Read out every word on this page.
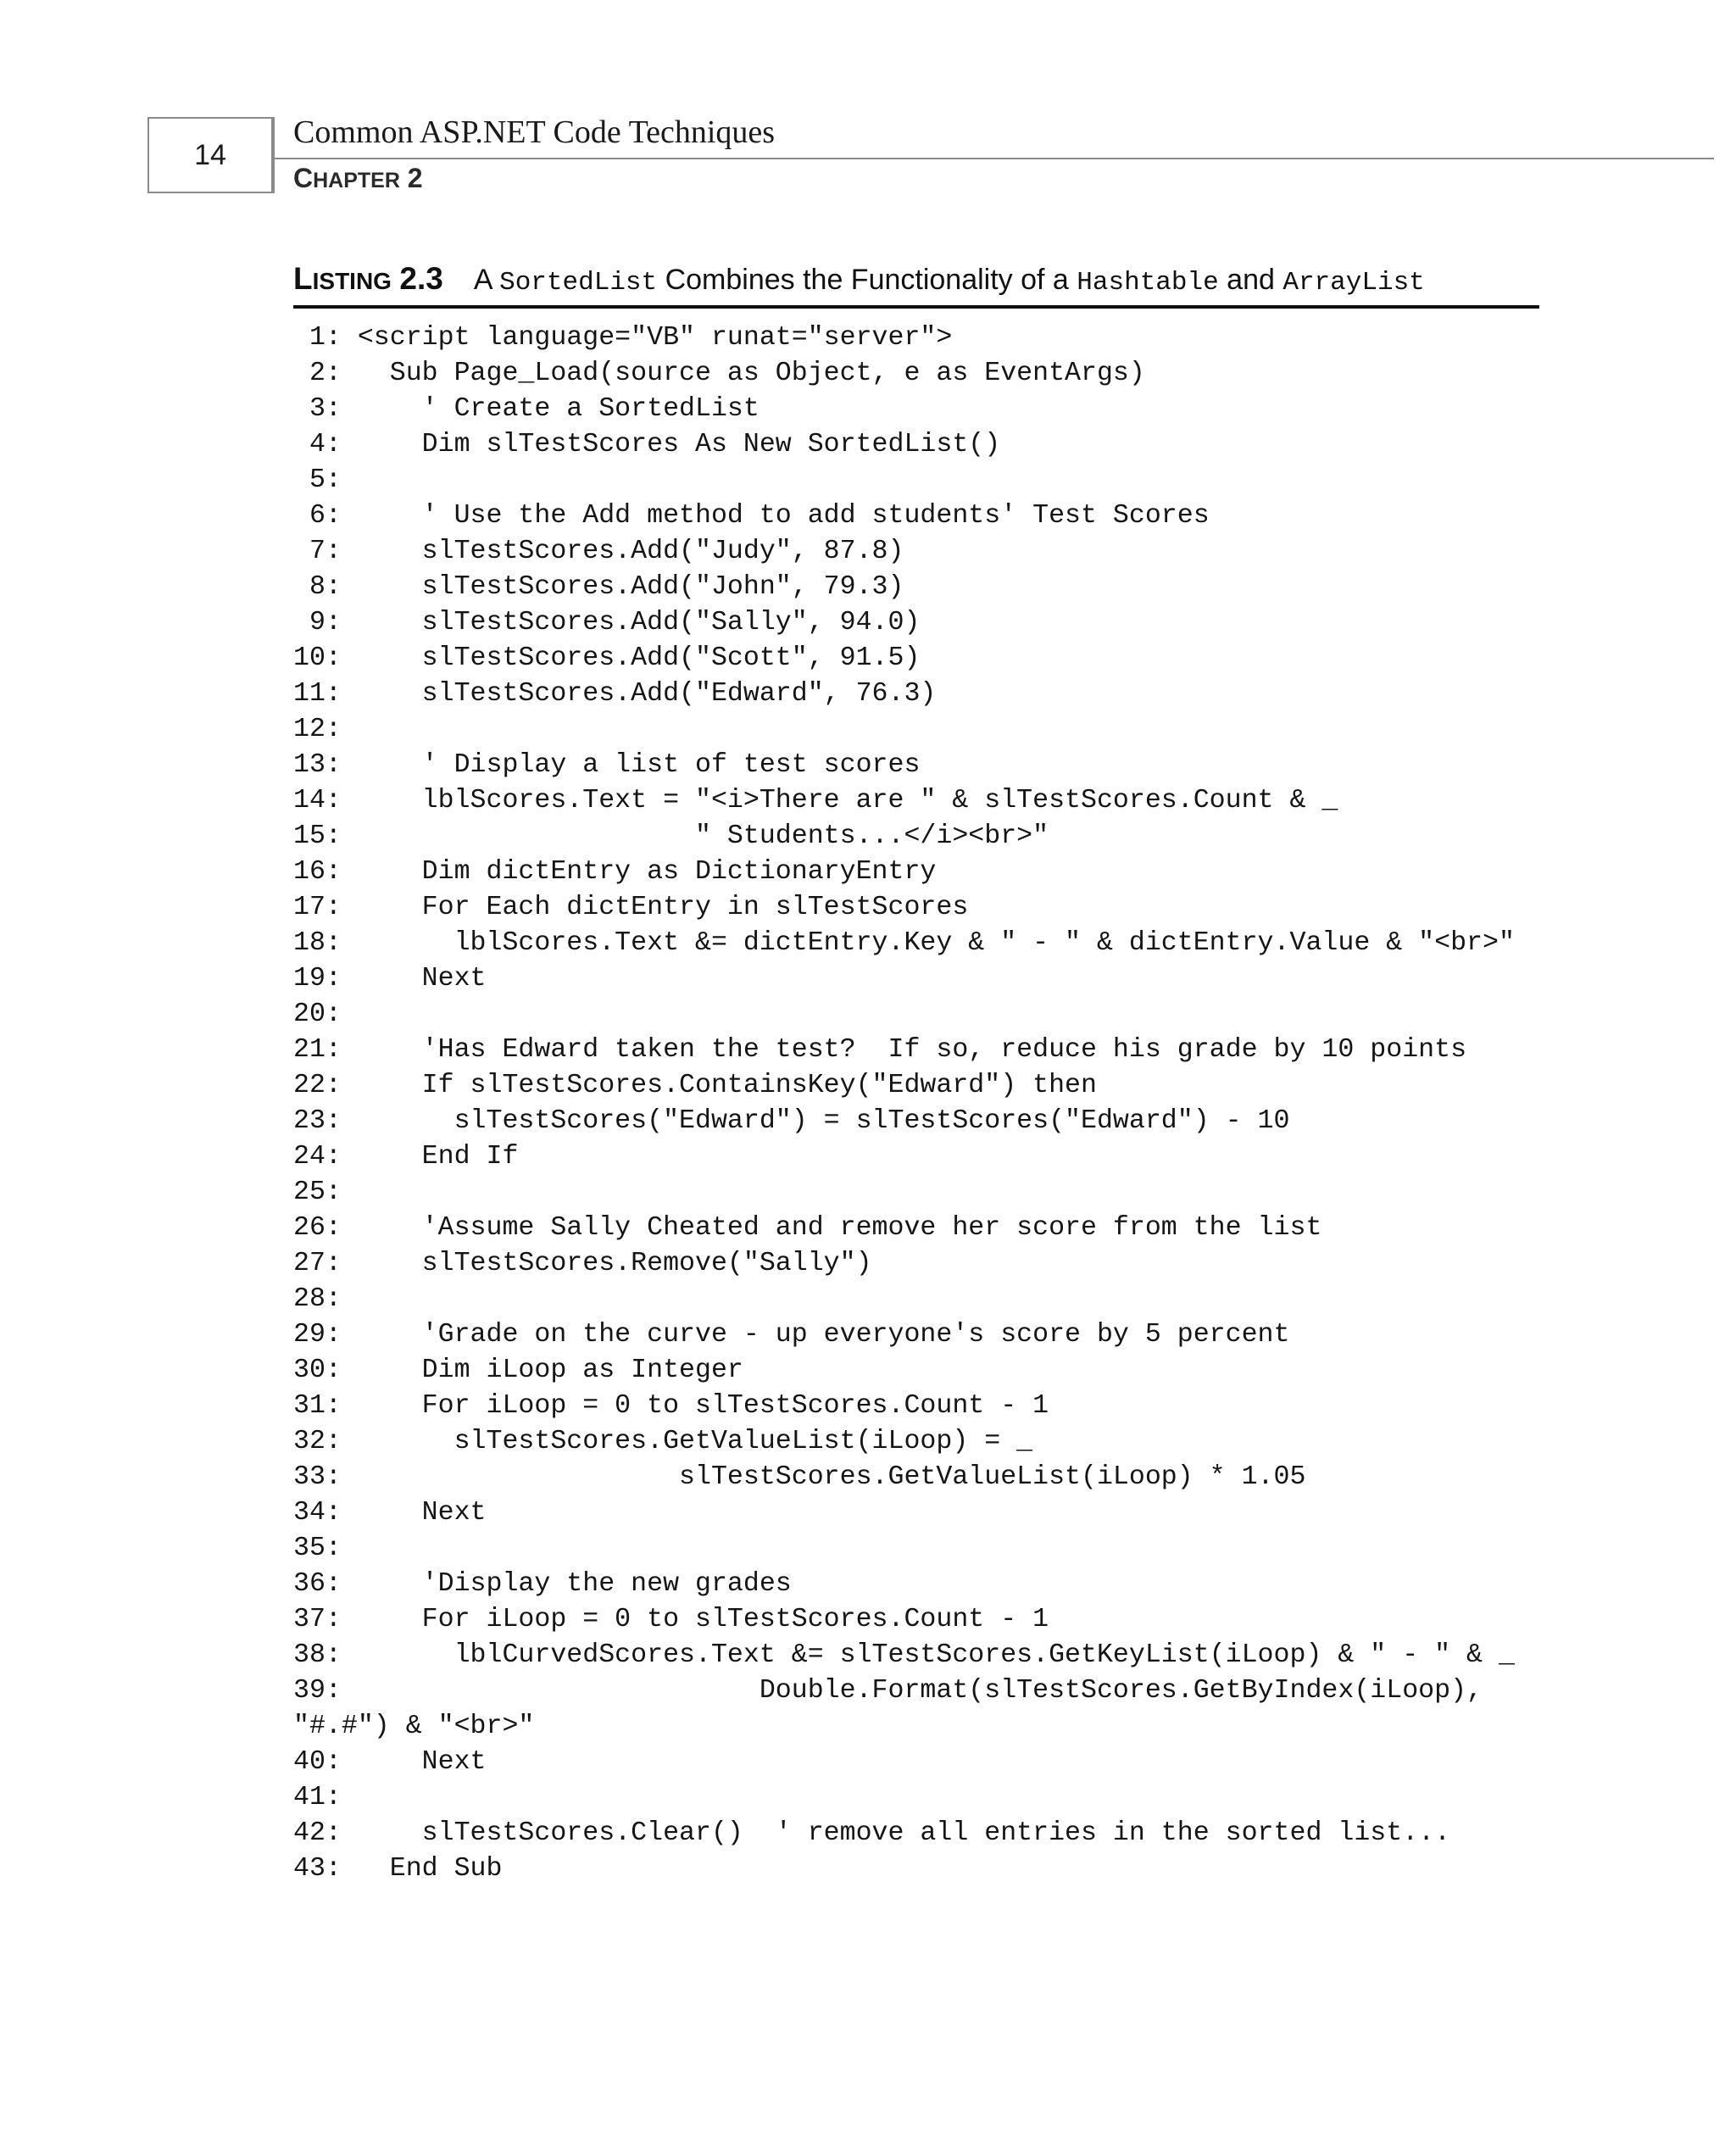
14
Common ASP.NET Code Techniques
CHAPTER 2
LISTING 2.3 A SortedList Combines the Functionality of a Hashtable and ArrayList
1: <script language="VB" runat="server">
2:   Sub Page_Load(source as Object, e as EventArgs)
3:     ' Create a SortedList
4:     Dim slTestScores As New SortedList()
5:
6:     ' Use the Add method to add students' Test Scores
7:     slTestScores.Add("Judy", 87.8)
8:     slTestScores.Add("John", 79.3)
9:     slTestScores.Add("Sally", 94.0)
10:     slTestScores.Add("Scott", 91.5)
11:     slTestScores.Add("Edward", 76.3)
12:
13:     ' Display a list of test scores
14:     lblScores.Text = "<i>There are " & slTestScores.Count & _
15:                      " Students...</i><br>"
16:     Dim dictEntry as DictionaryEntry
17:     For Each dictEntry in slTestScores
18:       lblScores.Text &= dictEntry.Key & " - " & dictEntry.Value & "<br>"
19:     Next
20:
21:     'Has Edward taken the test?  If so, reduce his grade by 10 points
22:     If slTestScores.ContainsKey("Edward") then
23:       slTestScores("Edward") = slTestScores("Edward") - 10
24:     End If
25:
26:     'Assume Sally Cheated and remove her score from the list
27:     slTestScores.Remove("Sally")
28:
29:     'Grade on the curve - up everyone's score by 5 percent
30:     Dim iLoop as Integer
31:     For iLoop = 0 to slTestScores.Count - 1
32:       slTestScores.GetValueList(iLoop) = _
33:                     slTestScores.GetValueList(iLoop) * 1.05
34:     Next
35:
36:     'Display the new grades
37:     For iLoop = 0 to slTestScores.Count - 1
38:       lblCurvedScores.Text &= slTestScores.GetKeyList(iLoop) & " - " & _
39:                          Double.Format(slTestScores.GetByIndex(iLoop),
"#.#") & "<br>"
40:     Next
41:
42:     slTestScores.Clear()  ' remove all entries in the sorted list...
43:   End Sub
